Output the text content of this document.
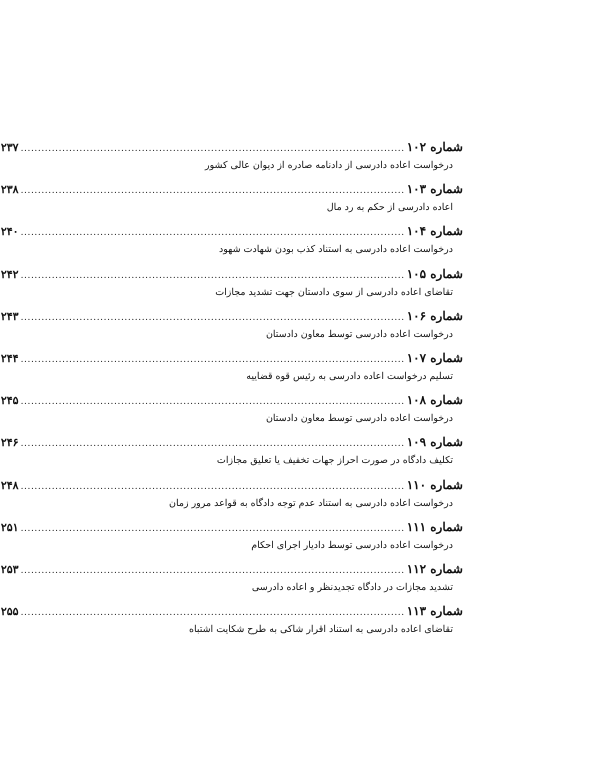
شماره ۱۰۲
...............................................................................................................
۲۳۷
درخواست اعاده دادرسی از دادنامه صادره از دیوان عالی کشور
شماره ۱۰۳
...............................................................................................................
۲۳۸
اعاده دادرسی از حکم به رد مال
شماره ۱۰۴
...............................................................................................................
۲۴۰
درخواست اعاده دادرسی به استناد کذب بودن شهادت شهود
شماره ۱۰۵
...............................................................................................................
۲۴۲
تقاضای اعاده دادرسی از سوی دادستان جهت تشدید مجازات
شماره ۱۰۶
...............................................................................................................
۲۴۳
درخواست اعاده دادرسی توسط معاون دادستان
شماره ۱۰۷
...............................................................................................................
۲۴۴
تسلیم درخواست اعاده دادرسی به رئیس قوه قضاییه
شماره ۱۰۸
...............................................................................................................
۲۴۵
درخواست اعاده دادرسی توسط معاون دادستان
شماره ۱۰۹
...............................................................................................................
۲۴۶
تکلیف دادگاه در صورت احراز جهات تخفیف یا تعلیق مجازات
شماره ۱۱۰
...............................................................................................................
۲۴۸
درخواست اعاده دادرسی به استناد عدم توجه دادگاه به قواعد مرور زمان
شماره ۱۱۱
...............................................................................................................
۲۵۱
درخواست اعاده دادرسی توسط دادیار اجرای احکام
شماره ۱۱۲
...............................................................................................................
۲۵۳
تشدید مجازات در دادگاه تجدیدنظر و اعاده دادرسی
شماره ۱۱۳
...............................................................................................................
۲۵۵
تقاضای اعاده دادرسی به استناد اقرار شاکی به طرح شکایت اشتباه
